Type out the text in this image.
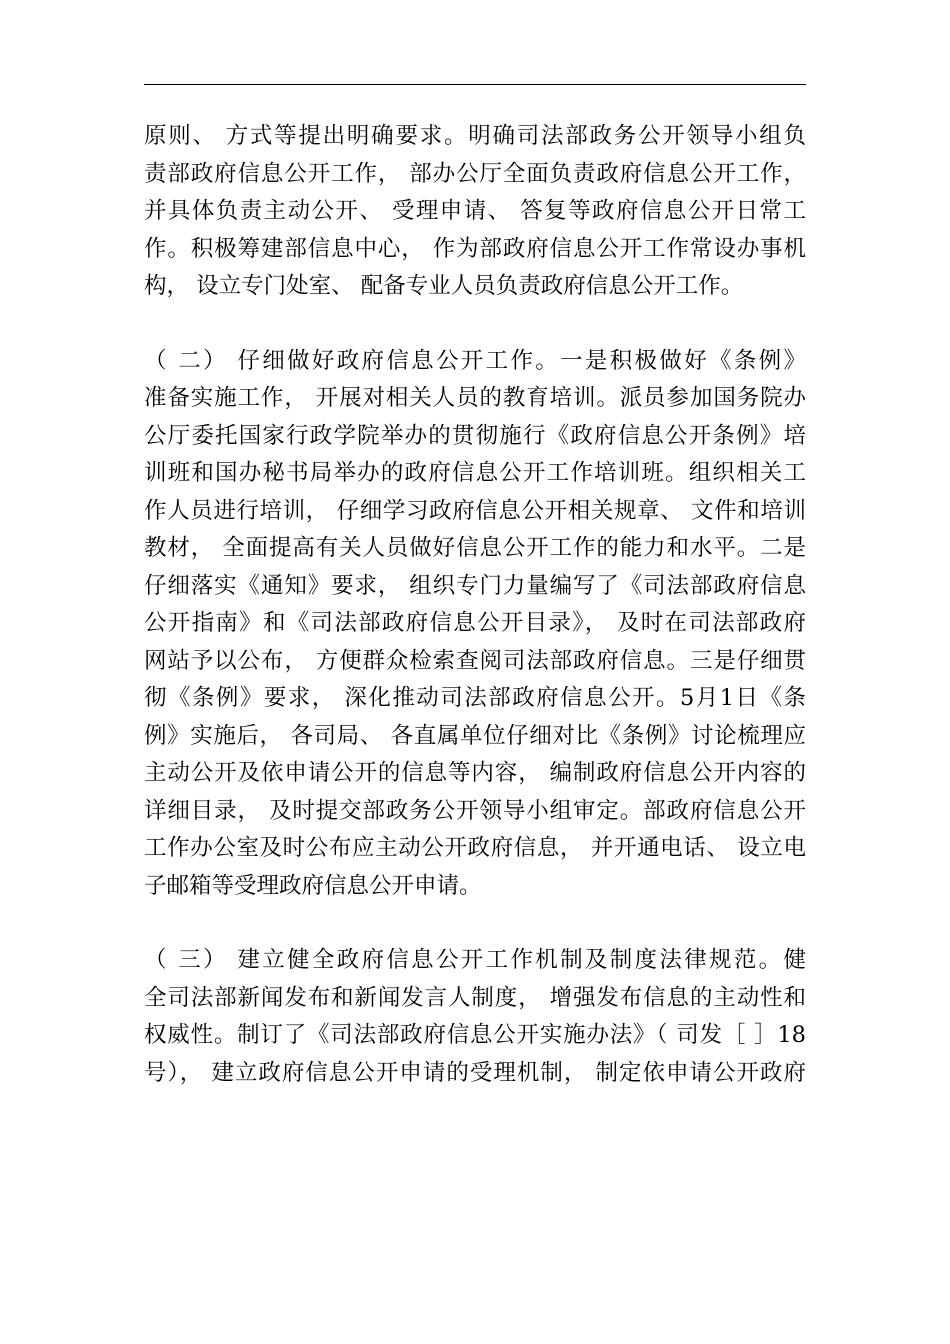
原则、 方式等提出明确要求。明确司法部政务公开领导小组负
责部政府信息公开工作， 部办公厅全面负责政府信息公开工作，
并具体负责主动公开、 受理申请、 答复等政府信息公开日常工
作。积极筹建部信息中心， 作为部政府信息公开工作常设办事机
构， 设立专门处室、 配备专业人员负责政府信息公开工作。
（ 二） 仔细做好政府信息公开工作。一是积极做好《条例》
准备实施工作， 开展对相关人员的教育培训。派员参加国务院办
公厅委托国家行政学院举办的贯彻施行《政府信息公开条例》培
训班和国办秘书局举办的政府信息公开工作培训班。组织相关工
作人员进行培训， 仔细学习政府信息公开相关规章、 文件和培训
教材， 全面提高有关人员做好信息公开工作的能力和水平。二是
仔细落实《通知》要求， 组织专门力量编写了《司法部政府信息
公开指南》和《司法部政府信息公开目录》， 及时在司法部政府
网站予以公布， 方便群众检索查阅司法部政府信息。三是仔细贯
彻《条例》要求， 深化推动司法部政府信息公开。5月1日《条
例》实施后， 各司局、 各直属单位仔细对比《条例》讨论梳理应
主动公开及依申请公开的信息等内容， 编制政府信息公开内容的
详细目录， 及时提交部政务公开领导小组审定。部政府信息公开
工作办公室及时公布应主动公开政府信息， 并开通电话、 设立电
子邮箱等受理政府信息公开申请。
（ 三） 建立健全政府信息公开工作机制及制度法律规范。健
全司法部新闻发布和新闻发言人制度， 增强发布信息的主动性和
权威性。制订了《司法部政府信息公开实施办法》（ 司发［ ］18
号）， 建立政府信息公开申请的受理机制， 制定依申请公开政府
